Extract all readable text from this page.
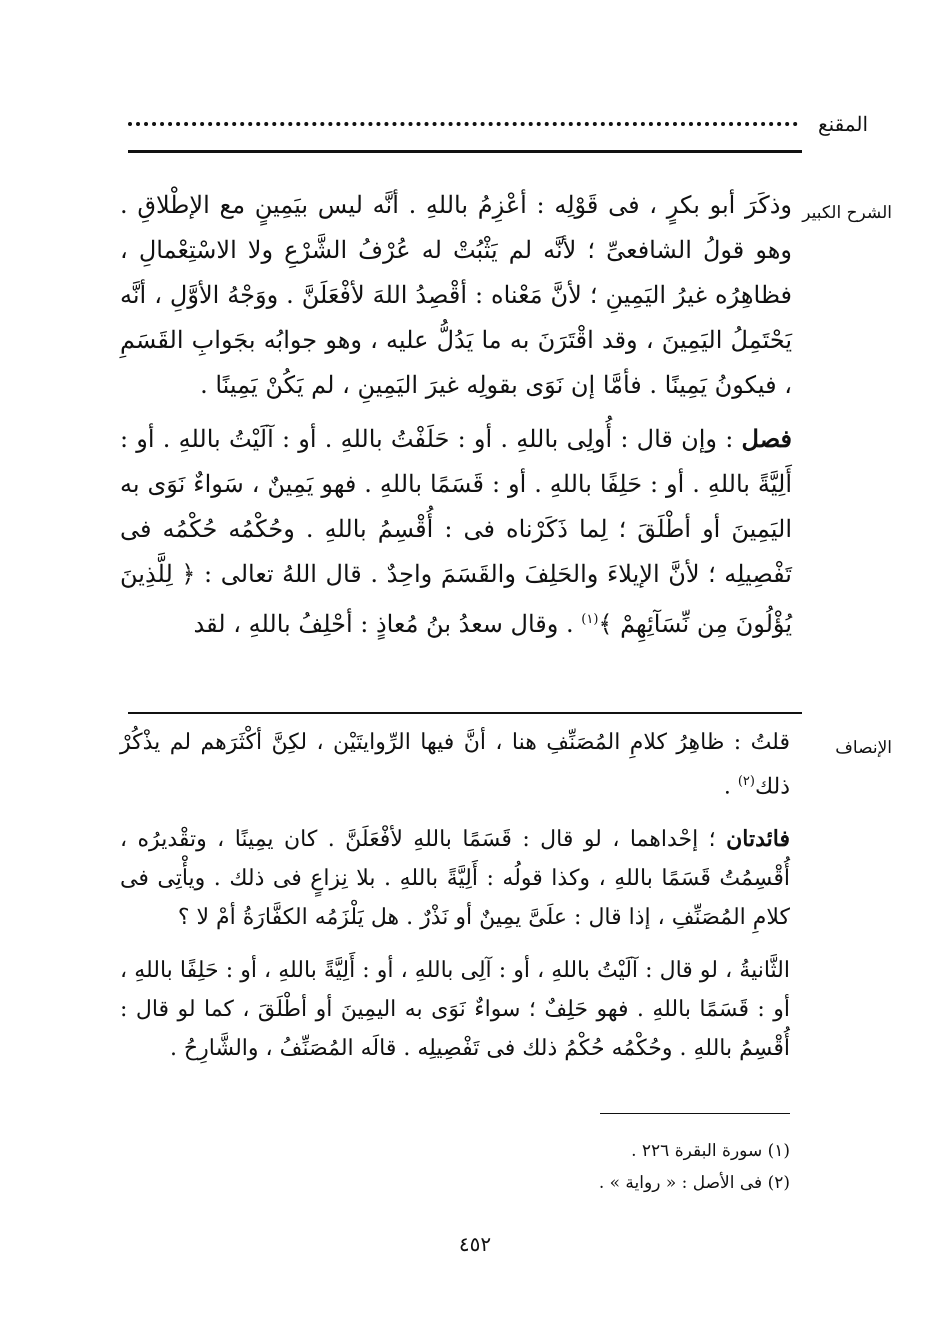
المقنع
الشرح الكبير

وذكَرَ أبو بكرٍ ، فى قَوْلِه : أعْزِمُ باللهِ . أنَّه ليس بيَمِينٍ مع الإطْلاقِ . وهو قولُ الشافعىِّ ؛ لأنَّه لم يَثْبُتْ له عُرْفُ الشَّرْعِ ولا الاسْتِعْمالِ ، فظاهِرُه غيرُ اليَمِينِ ؛ لأنَّ مَعْناه : أقْصِدُ اللهَ لأفْعَلَنَّ . ووَجْهُ الأوَّلِ ، أنَّه يَحْتَمِلُ اليَمِينَ ، وقد اقْتَرَنَ به ما يَدُلُّ عليه ، وهو جوابُه بجَوابِ القَسَمِ ، فيكونُ يَمِينًا . فأمَّا إن نَوَى بقولِه غيرَ اليَمِينِ ، لم يَكُنْ يَمِينًا .

فصل : وإن قال : أُولِى باللهِ . أو : حَلَفْتُ باللهِ . أو : آلَيْتُ باللهِ . أو : أَلِيَّةً باللهِ . أو : حَلِفًا باللهِ . أو : قَسَمًا باللهِ . فهو يَمِينٌ ، سَواءٌ نَوَى به اليَمِينَ أو أطْلَقَ ؛ لِما ذَكَرْناه فى : أُقْسِمُ باللهِ . وحُكْمُه حُكْمُه فى تَفْصِيلِه ؛ لأنَّ الإيلاءَ والحَلِفَ والقَسَمَ واحِدٌ . قال اللهُ تعالى : ﴿ لِلَّذِينَ يُؤْلُونَ مِن نِّسَآئِهِمْ ﴾$^{(١)}$ . وقال سعدُ بنُ مُعاذٍ : أحْلِفُ باللهِ ، لقد

الإنصاف

قلتُ : ظاهِرُ كلامِ المُصَنِّفِ هنا ، أنَّ فيها الرِّوايتَيْن ، لكِنَّ أكْثَرَهم لم يذْكُرْ ذلك$^{(٢)}$ .

فائدتان ؛ إحْداهما ، لو قال : قَسَمًا باللهِ لأفْعَلَنَّ . كان يمِينًا ، وتقْديرُه ، أُقْسِمُتُ قَسَمًا باللهِ ، وكذا قولُه : أَلِيَّةً باللهِ . بلا نِزاعٍ فى ذلك . ويأْتِى فى كلامِ المُصَنِّفِ ، إذا قال : علَىَّ يمِينٌ أو نَذْرٌ . هل يَلْزَمُه الكفَّارَةُ أمْ لا ؟

الثَّانيةُ ، لو قال : آلَيْتُ باللهِ ، أو : آلِى باللهِ ، أو : أَلِيَّةً باللهِ ، أو : حَلِفًا باللهِ ، أو : قَسَمًا باللهِ . فهو حَلِفٌ ؛ سواءٌ نَوَى به اليمِينَ أو أطْلَقَ ، كما لو قال : أُقْسِمُ باللهِ . وحُكْمُه حُكْمُ ذلك فى تَفْصِيلِه . قالَه المُصَنِّفُ ، والشَّارِحُ .

(١) سورة البقرة ٢٢٦ .
(٢) فى الأصل : « رواية » .
٤٥٢
